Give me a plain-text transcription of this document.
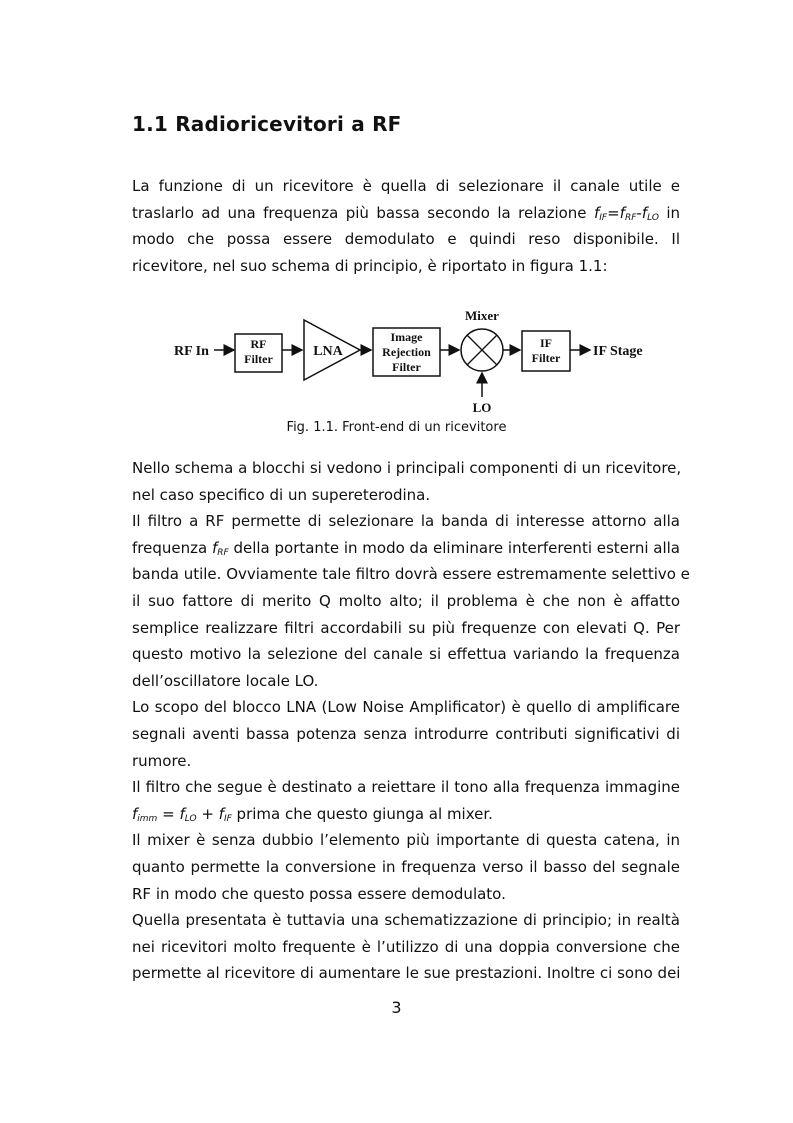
1.1 Radioricevitori a RF
La funzione di un ricevitore è quella di selezionare il canale utile e
traslarlo ad una frequenza più bassa secondo la relazione $f_{IF}=f_{RF}-f_{LO}$ in
modo che possa essere demodulato e quindi reso disponibile. Il
ricevitore, nel suo schema di principio, è riportato in figura 1.1:
RF In	RF
Filter	LNA
Image
Rejection
Filter
Mixer
LO
IF
Filter IF Stage
Fig. 1.1. Front-end di un ricevitore
Nello schema a blocchi si vedono i principali componenti di un ricevitore,
nel caso specifico di un supereterodina.
Il filtro a RF permette di selezionare la banda di interesse attorno alla
frequenza $f_{RF}$ della portante in modo da eliminare interferenti esterni alla
banda utile. Ovviamente tale filtro dovrà essere estremamente selettivo e
il suo fattore di merito Q molto alto; il problema è che non è affatto
semplice realizzare filtri accordabili su più frequenze con elevati Q. Per
questo motivo la selezione del canale si effettua variando la frequenza
dell’oscillatore locale LO.
Lo scopo del blocco LNA (Low Noise Amplificator) è quello di amplificare
segnali aventi bassa potenza senza introdurre contributi significativi di
rumore.
Il filtro che segue è destinato a reiettare il tono alla frequenza immagine
$f_{imm} = f_{LO} + f_{IF}$ prima che questo giunga al mixer.
Il mixer è senza dubbio l’elemento più importante di questa catena, in
quanto permette la conversione in frequenza verso il basso del segnale
RF in modo che questo possa essere demodulato.
Quella presentata è tuttavia una schematizzazione di principio; in realtà
nei ricevitori molto frequente è l’utilizzo di una doppia conversione che
permette al ricevitore di aumentare le sue prestazioni. Inoltre ci sono dei
3
